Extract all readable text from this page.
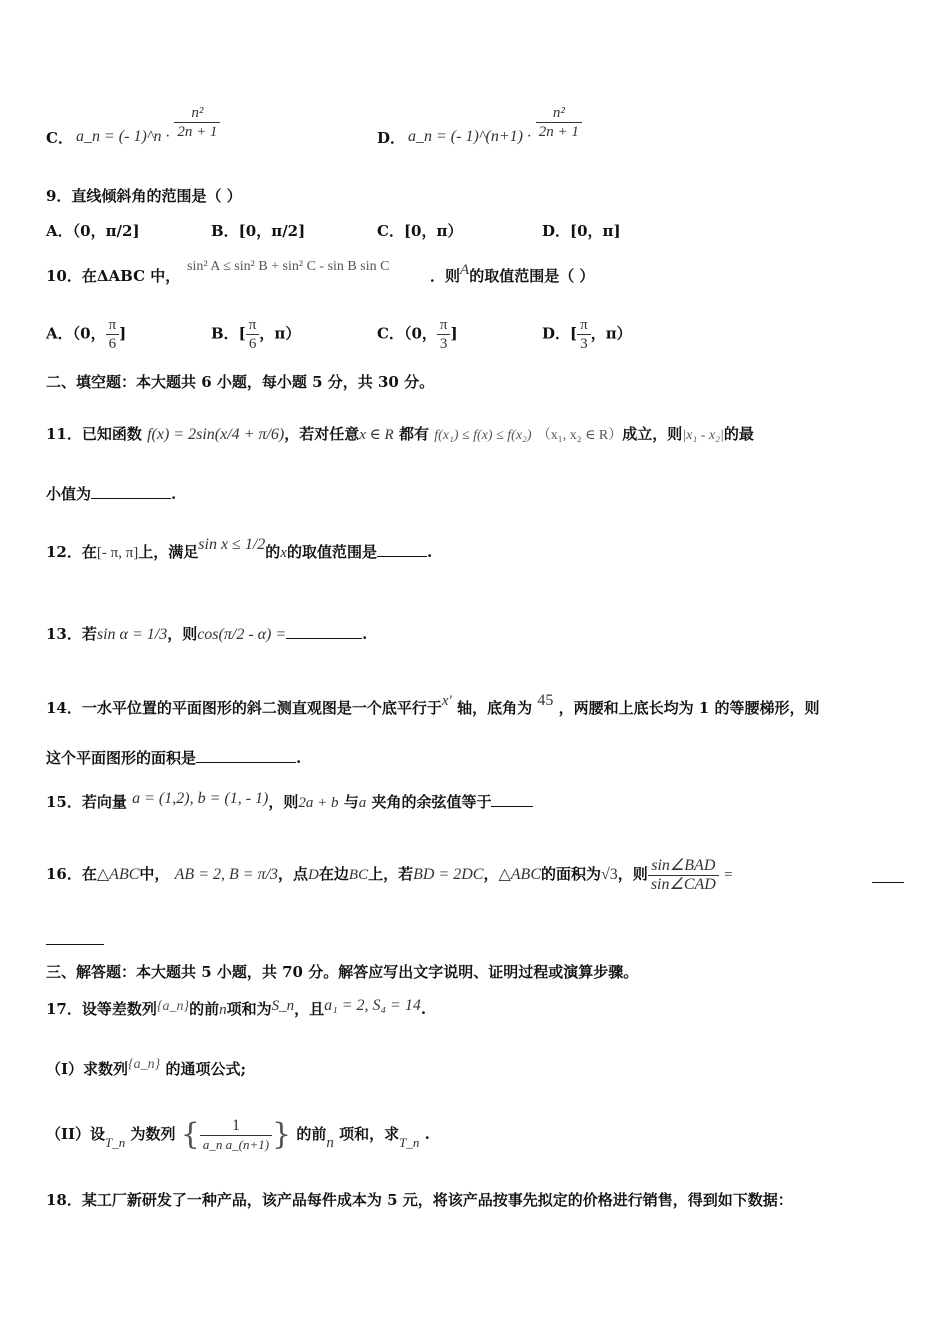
C． a_n = (- 1)^n · $\frac{\text{n²}}{2n + 1}$	D． a_n = (- 1)^(n+1) · $\frac{\text{n²}}{2n + 1}$
9．直线倾斜角的范围是（ ）
A．（0，π/2]	B．[0，π/2]	C．[0，π）	D．[0，π]
10．在ΔABC 中，
sin² A ≤ sin² B + sin² C - sin B sin C
．则A的取值范围是（ ）
A．（0， $\frac{\pi}{6}$ ]	B．[ $\frac{\pi}{6}$ ，π）	C．（0， $\frac{\pi}{3}$ ]	D．[ $\frac{\pi}{3}$ ，π）
二、填空题：本大题共 6 小题，每小题 5 分，共 30 分。
11．已知函数 f(x) = 2sin(x/4 + π/6)，若对任意x ∈ R 都有 f(x₁) ≤ f(x) ≤ f(x₂) （x₁, x₂ ∈ R）成立，则|x₁ - x₂|的最
小值为	.
12．在[- π, π]上，满足sin x ≤ 1/2的x的取值范围是	.
13．若sin α = 1/3，则cos(π/2 - α) =	.
14．一水平位置的平面图形的斜二测直观图是一个底平行于x′ 轴，底角为 45 ，两腰和上底长均为 1 的等腰梯形，则
这个平面图形的面积是	.
15．若向量 a = (1,2), b = (1, - 1)，则2a + b 与a 夹角的余弦值等于
16．在△ABC中， AB = 2, B = π/3，点D在边BC上，若BD = 2DC，△ABC的面积为√3，则 $\frac{\text{sin∠BAD}}{\text{sin∠CAD}}$ =
三、解答题：本大题共 5 小题，共 70 分。解答应写出文字说明、证明过程或演算步骤。
17．设等差数列{a_n}的前n项和为S_n，且a₁ = 2, S₄ = 14.
（I）求数列{a_n} 的通项公式;
（II）设T_n 为数列 { $\frac{1}{\text{a\_n a\_(n+1)}}$ } 的前n 项和，求T_n .
18．某工厂新研发了一种产品，该产品每件成本为 5 元，将该产品按事先拟定的价格进行销售，得到如下数据：
